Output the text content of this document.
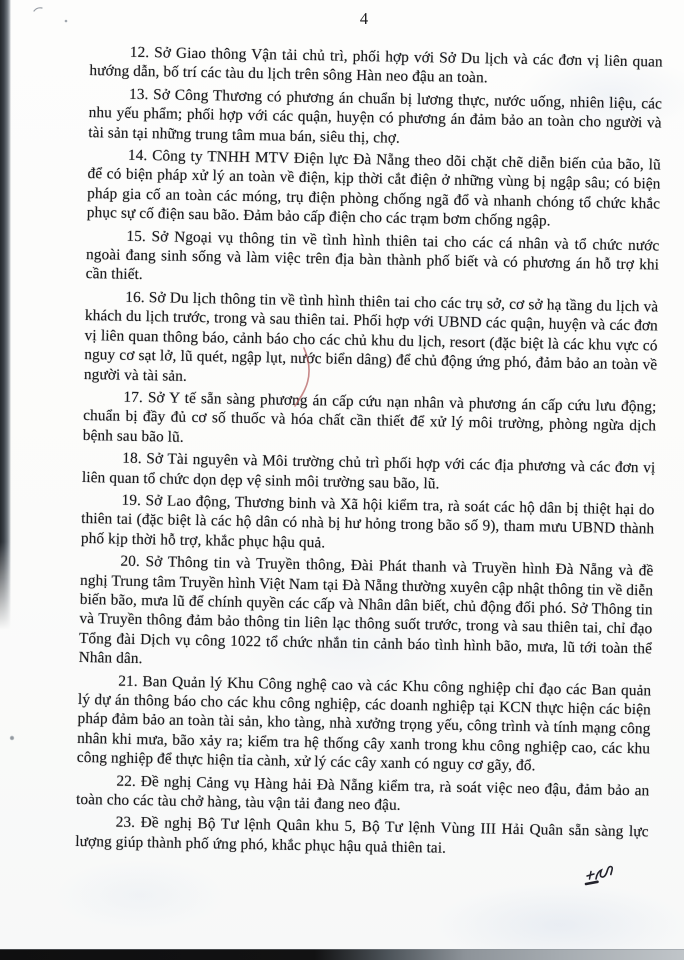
4

12. Sở Giao thông Vận tải chủ trì, phối hợp với Sở Du lịch và các đơn vị liên quan hướng dẫn, bố trí các tàu du lịch trên sông Hàn neo đậu an toàn.

13. Sở Công Thương có phương án chuẩn bị lương thực, nước uống, nhiên liệu, các nhu yếu phẩm; phối hợp với các quận, huyện có phương án đảm bảo an toàn cho người và tài sản tại những trung tâm mua bán, siêu thị, chợ.

14. Công ty TNHH MTV Điện lực Đà Nẵng theo dõi chặt chẽ diễn biến của bão, lũ để có biện pháp xử lý an toàn về điện, kịp thời cắt điện ở những vùng bị ngập sâu; có biện pháp gia cố an toàn các móng, trụ điện phòng chống ngã đổ và nhanh chóng tổ chức khắc phục sự cố điện sau bão. Đảm bảo cấp điện cho các trạm bơm chống ngập.

15. Sở Ngoại vụ thông tin về tình hình thiên tai cho các cá nhân và tổ chức nước ngoài đang sinh sống và làm việc trên địa bàn thành phố biết và có phương án hỗ trợ khi cần thiết.

16. Sở Du lịch thông tin về tình hình thiên tai cho các trụ sở, cơ sở hạ tầng du lịch và khách du lịch trước, trong và sau thiên tai. Phối hợp với UBND các quận, huyện và các đơn vị liên quan thông báo, cảnh báo cho các chủ khu du lịch, resort (đặc biệt là các khu vực có nguy cơ sạt lở, lũ quét, ngập lụt, nước biển dâng) để chủ động ứng phó, đảm bảo an toàn về người và tài sản.

17. Sở Y tế sẵn sàng phương án cấp cứu nạn nhân và phương án cấp cứu lưu động; chuẩn bị đầy đủ cơ số thuốc và hóa chất cần thiết để xử lý môi trường, phòng ngừa dịch bệnh sau bão lũ.

18. Sở Tài nguyên và Môi trường chủ trì phối hợp với các địa phương và các đơn vị liên quan tổ chức dọn dẹp vệ sinh môi trường sau bão, lũ.

19. Sở Lao động, Thương binh và Xã hội kiểm tra, rà soát các hộ dân bị thiệt hại do thiên tai (đặc biệt là các hộ dân có nhà bị hư hỏng trong bão số 9), tham mưu UBND thành phố kịp thời hỗ trợ, khắc phục hậu quả.

20. Sở Thông tin và Truyền thông, Đài Phát thanh và Truyền hình Đà Nẵng và đề nghị Trung tâm Truyền hình Việt Nam tại Đà Nẵng thường xuyên cập nhật thông tin về diễn biến bão, mưa lũ để chính quyền các cấp và Nhân dân biết, chủ động đối phó. Sở Thông tin và Truyền thông đảm bảo thông tin liên lạc thông suốt trước, trong và sau thiên tai, chỉ đạo Tổng đài Dịch vụ công 1022 tổ chức nhắn tin cảnh báo tình hình bão, mưa, lũ tới toàn thể Nhân dân.

21. Ban Quản lý Khu Công nghệ cao và các Khu công nghiệp chỉ đạo các Ban quản lý dự án thông báo cho các khu công nghiệp, các doanh nghiệp tại KCN thực hiện các biện pháp đảm bảo an toàn tài sản, kho tàng, nhà xưởng trọng yếu, công trình và tính mạng công nhân khi mưa, bão xảy ra; kiểm tra hệ thống cây xanh trong khu công nghiệp cao, các khu công nghiệp để thực hiện tỉa cành, xử lý các cây xanh có nguy cơ gãy, đổ.

22. Đề nghị Cảng vụ Hàng hải Đà Nẵng kiểm tra, rà soát việc neo đậu, đảm bảo an toàn cho các tàu chở hàng, tàu vận tải đang neo đậu.

23. Đề nghị Bộ Tư lệnh Quân khu 5, Bộ Tư lệnh Vùng III Hải Quân sẵn sàng lực lượng giúp thành phố ứng phó, khắc phục hậu quả thiên tai.
